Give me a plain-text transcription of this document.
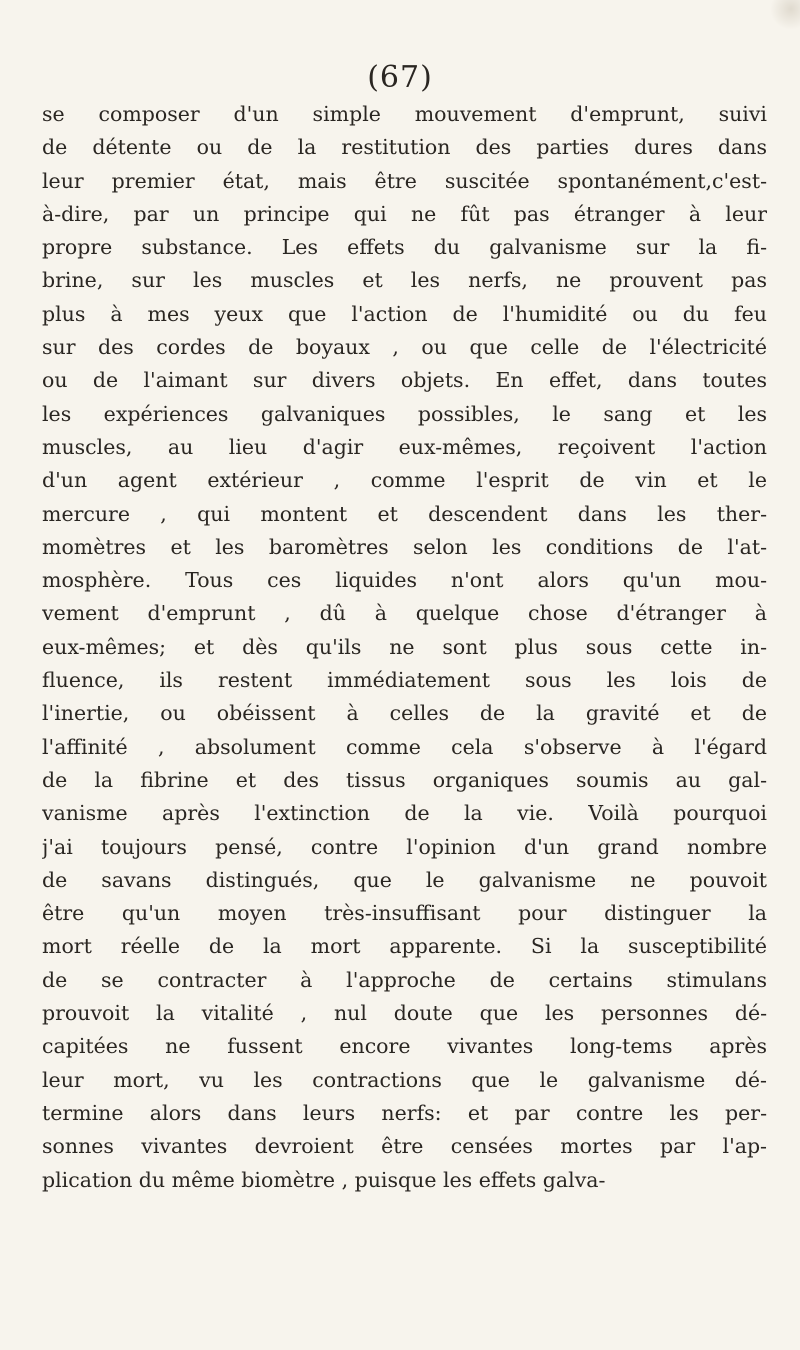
(67)
se composer d'un simple mouvement d'emprunt, suivi
de détente ou de la restitution des parties dures dans
leur premier état, mais être suscitée spontanément,c'est-
à-dire, par un principe qui ne fût pas étranger à leur
propre substance. Les effets du galvanisme sur la fi-
brine, sur les muscles et les nerfs, ne prouvent pas
plus à mes yeux que l'action de l'humidité ou du feu
sur des cordes de boyaux , ou que celle de l'électricité
ou de l'aimant sur divers objets. En effet, dans toutes
les expériences galvaniques possibles, le sang et les
muscles, au lieu d'agir eux-mêmes, reçoivent l'action
d'un agent extérieur , comme l'esprit de vin et le
mercure , qui montent et descendent dans les ther-
momètres et les baromètres selon les conditions de l'at-
mosphère. Tous ces liquides n'ont alors qu'un mou-
vement d'emprunt , dû à quelque chose d'étranger à
eux-mêmes; et dès qu'ils ne sont plus sous cette in-
fluence, ils restent immédiatement sous les lois de
l'inertie, ou obéissent à celles de la gravité et de
l'affinité , absolument comme cela s'observe à l'égard
de la fibrine et des tissus organiques soumis au gal-
vanisme après l'extinction de la vie. Voilà pourquoi
j'ai toujours pensé, contre l'opinion d'un grand nombre
de savans distingués, que le galvanisme ne pouvoit
être qu'un moyen très-insuffisant pour distinguer la
mort réelle de la mort apparente. Si la susceptibilité
de se contracter à l'approche de certains stimulans
prouvoit la vitalité , nul doute que les personnes dé-
capitées ne fussent encore vivantes long-tems après
leur mort, vu les contractions que le galvanisme dé-
termine alors dans leurs nerfs: et par contre les per-
sonnes vivantes devroient être censées mortes par l'ap-
plication du même biomètre , puisque les effets galva-
